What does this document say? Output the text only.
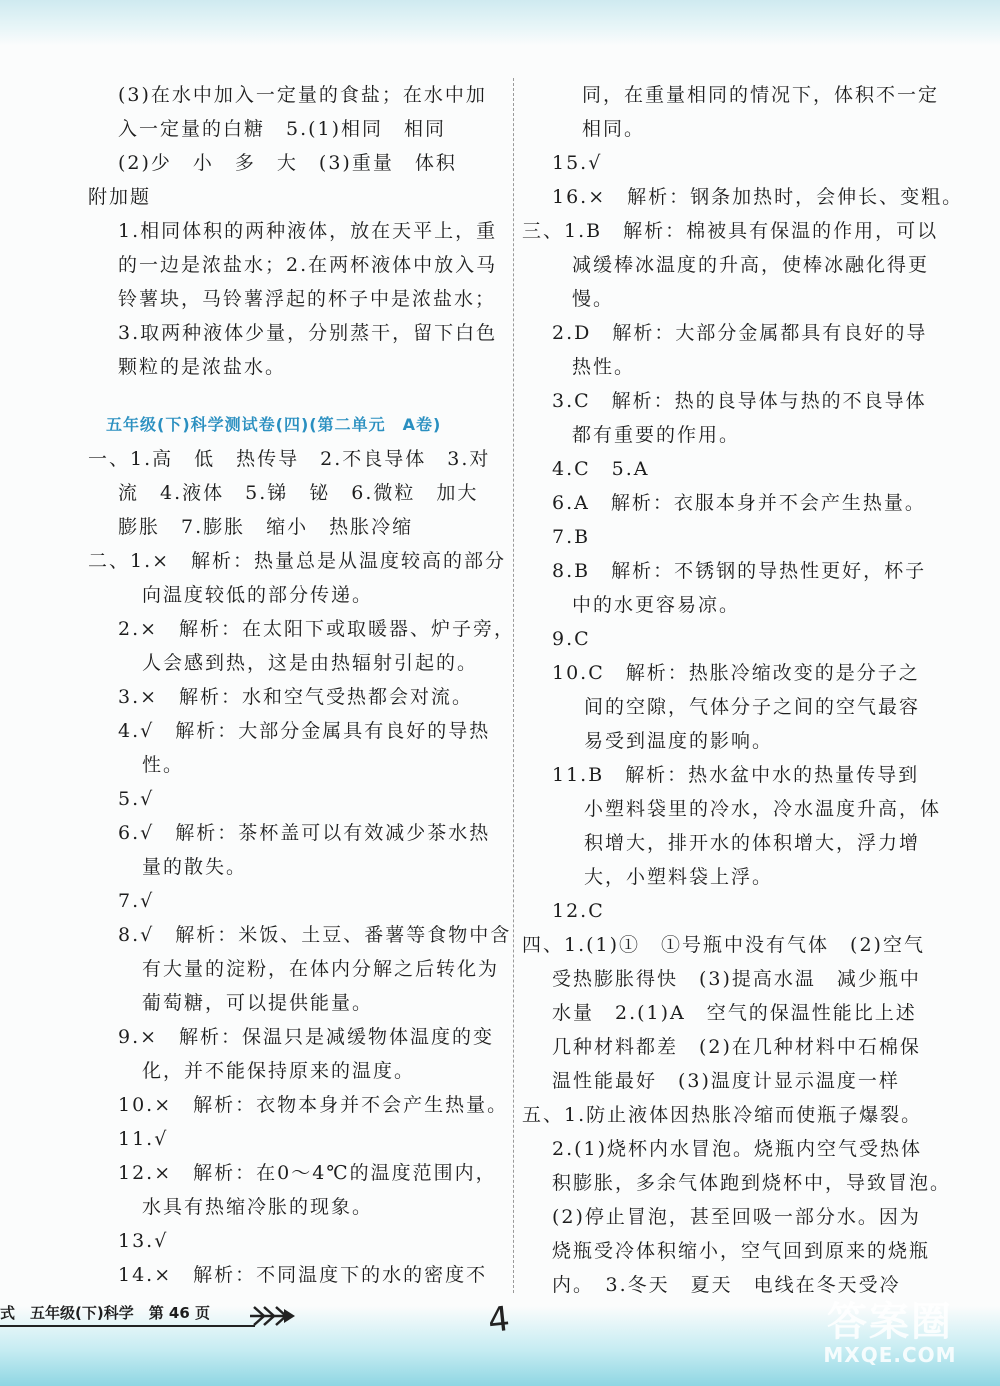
(3)在水中加入一定量的食盐；在水中加
入一定量的白糖　5.(1)相同　相同
(2)少　小　多　大　(3)重量　体积
附加题
1.相同体积的两种液体，放在天平上，重
的一边是浓盐水；2.在两杯液体中放入马
铃薯块，马铃薯浮起的杯子中是浓盐水；
3.取两种液体少量，分别蒸干，留下白色
颗粒的是浓盐水。
五年级(下)科学测试卷(四)(第二单元　A卷)
一、1.高　低　热传导　2.不良导体　3.对
流　4.液体　5.锑　铋　6.微粒　加大
膨胀　7.膨胀　缩小　热胀冷缩
二、1.×　解析：热量总是从温度较高的部分
向温度较低的部分传递。
2.×　解析：在太阳下或取暖器、炉子旁，
人会感到热，这是由热辐射引起的。
3.×　解析：水和空气受热都会对流。
4.√　解析：大部分金属具有良好的导热
性。
5.√
6.√　解析：茶杯盖可以有效减少茶水热
量的散失。
7.√
8.√　解析：米饭、土豆、番薯等食物中含
有大量的淀粉，在体内分解之后转化为
葡萄糖，可以提供能量。
9.×　解析：保温只是减缓物体温度的变
化，并不能保持原来的温度。
10.×　解析：衣物本身并不会产生热量。
11.√
12.×　解析：在0～4℃的温度范围内，
水具有热缩冷胀的现象。
13.√
14.×　解析：不同温度下的水的密度不
同，在重量相同的情况下，体积不一定
相同。
15.√
16.×　解析：钢条加热时，会伸长、变粗。
三、1.B　解析：棉被具有保温的作用，可以
减缓棒冰温度的升高，使棒冰融化得更
慢。
2.D　解析：大部分金属都具有良好的导
热性。
3.C　解析：热的良导体与热的不良导体
都有重要的作用。
4.C　5.A
6.A　解析：衣服本身并不会产生热量。
7.B
8.B　解析：不锈钢的导热性更好，杯子
中的水更容易凉。
9.C
10.C　解析：热胀冷缩改变的是分子之
间的空隙，气体分子之间的空气最容
易受到温度的影响。
11.B　解析：热水盆中水的热量传导到
小塑料袋里的冷水，冷水温度升高，体
积增大，排开水的体积增大，浮力增
大，小塑料袋上浮。
12.C
四、1.(1)①　①号瓶中没有气体　(2)空气
受热膨胀得快　(3)提高水温　减少瓶中
水量　2.(1)A　空气的保温性能比上述
几种材料都差　(2)在几种材料中石棉保
温性能最好　(3)温度计显示温度一样
五、1.防止液体因热胀冷缩而使瓶子爆裂。
2.(1)烧杯内水冒泡。烧瓶内空气受热体
积膨胀，多余气体跑到烧杯中，导致冒泡。
(2)停止冒泡，甚至回吸一部分水。因为
烧瓶受冷体积缩小，空气回到原来的烧瓶
内。　3.冬天　夏天　电线在冬天受冷
式　五年级(下)科学　第 46 页	4	答案圈
MXQE.COM
